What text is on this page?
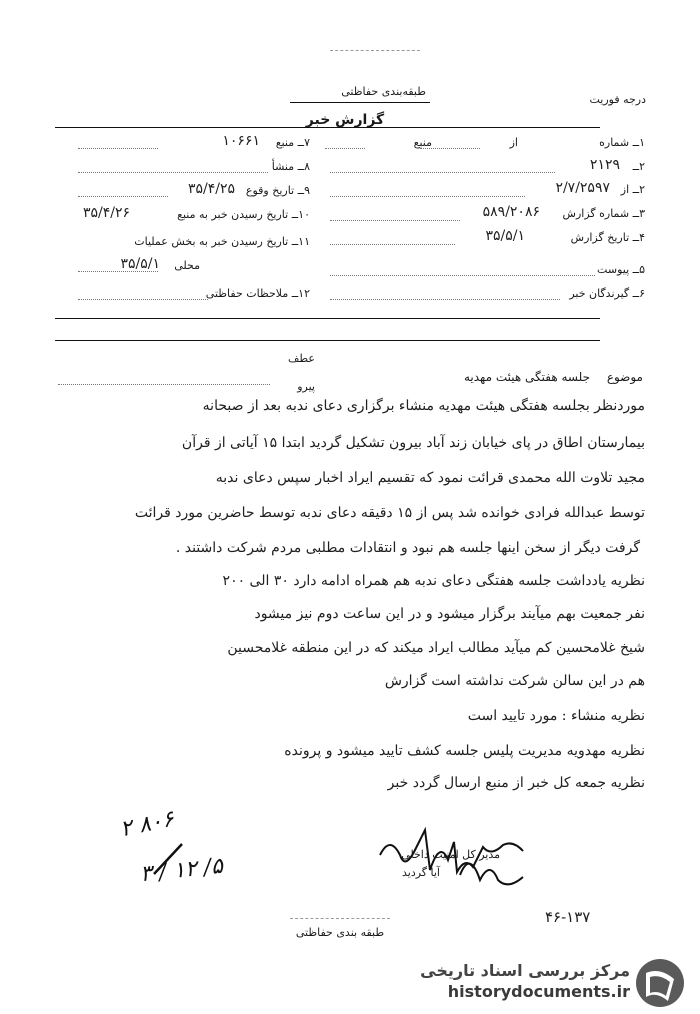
درجه فوریت
طبقه‌بندی حفاظتی
گزارش خبر
۱ــ شماره
از
منبع
۲ــ
۲۱۲۹
۲ــ از
۲/۷/۲۵۹۷
۳ــ شماره گزارش
۵۸۹/۲۰۸۶
۴ــ تاریخ گزارش
۳۵/۵/۱
۵ــ پیوست
۶ــ گیرندگان خبر
۷ــ منبع
۱۰۶۶۱
۸ــ منشأ
۹ــ تاریخ وقوع
۳۵/۴/۲۵
۱۰ــ تاریخ رسیدن خبر به منبع
۳۵/۴/۲۶
۱۱ــ تاریخ رسیدن خبر به بخش عملیات
محلی
۳۵/۵/۱
۱۲ــ ملاحظات حفاظتی
عطف
موضوع
جلسه هفتگی هیئت مهدیه
پیرو
موردنظر بجلسه هفتگی هیئت مهدیه منشاء برگزاری دعای ندبه بعد از صبحانه
بیمارستان اطاق در پای خیابان زند آباد بیرون تشکیل گردید ابتدا ۱۵ آیاتی از قرآن
مجید تلاوت الله محمدی قرائت نمود که تقسیم ایراد اخبار سپس دعای ندبه
توسط عبدالله فرادی خوانده شد پس از ۱۵ دقیقه دعای ندبه توسط حاضرین مورد قرائت
گرفت دیگر از سخن اینها جلسه هم نبود و انتقادات مطلبی مردم شرکت داشتند .
نظریه یادداشت جلسه هفتگی دعای ندبه هم همراه ادامه دارد ۳۰ الی ۲۰۰
نفر جمعیت بهم میآیند برگزار میشود و در این ساعت دوم نیز میشود
شیخ غلامحسین کم میآید مطالب ایراد میکند که در این منطقه غلامحسین
هم در این سالن شرکت نداشته است گزارش
نظریه منشاء : مورد تایید است
نظریه مهدویه مدیریت پلیس جلسه کشف تایید میشود و پرونده
نظریه جمعه کل خبر از منبع ارسال گردد خبر
۲ ۸۰۶
۳ / ۱۲ /۵	مدیر کل امنیت داخلی
آیا گردید
۴۶-۱۳۷
طبقه بندی حفاظتی
مرکز بررسی اسناد تاریخی
historydocuments.ir
